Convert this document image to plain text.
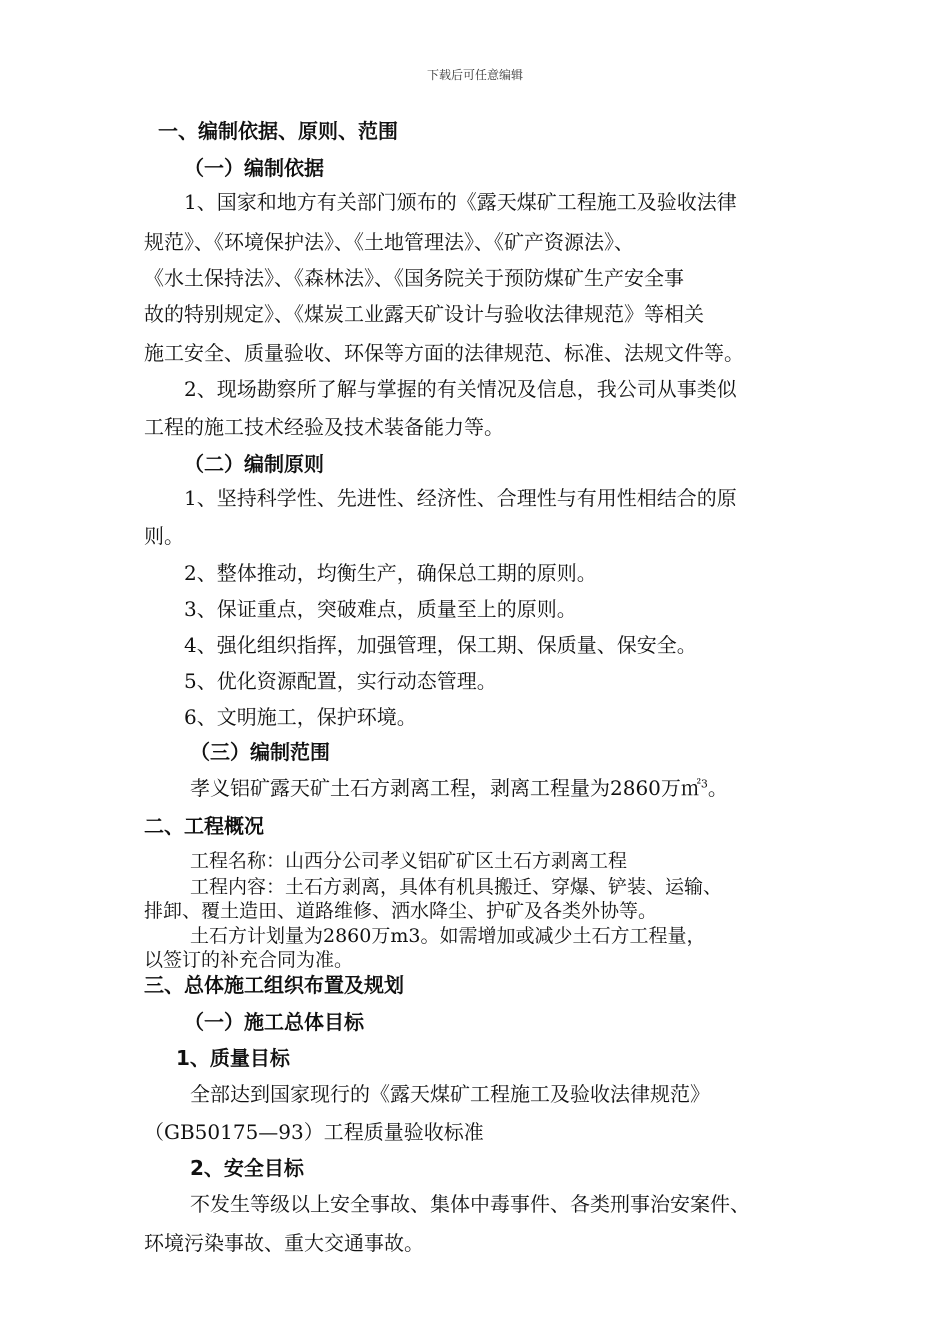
下载后可任意编辑
一、编制依据、原则、范围
（一）编制依据
1、国家和地方有关部门颁布的《露天煤矿工程施工及验收法律
规范》、《环境保护法》、《土地管理法》、《矿产资源法》、
《水土保持法》、《森林法》、《国务院关于预防煤矿生产安全事
故的特别规定》、《煤炭工业露天矿设计与验收法律规范》等相关
施工安全、质量验收、环保等方面的法律规范、标准、法规文件等。
2、现场勘察所了解与掌握的有关情况及信息，我公司从事类似
工程的施工技术经验及技术装备能力等。
（二）编制原则
1、坚持科学性、先进性、经济性、合理性与有用性相结合的原
则。
2、整体推动，均衡生产，确保总工期的原则。
3、保证重点，突破难点，质量至上的原则。
4、强化组织指挥，加强管理，保工期、保质量、保安全。
5、优化资源配置，实行动态管理。
6、文明施工，保护环境。
（三）编制范围
孝义铝矿露天矿土石方剥离工程，剥离工程量为2860万㎡$^3$。
二、工程概况
工程名称：山西分公司孝义铝矿矿区土石方剥离工程
工程内容：土石方剥离，具体有机具搬迁、穿爆、铲装、运输、
排卸、覆土造田、道路维修、洒水降尘、护矿及各类外协等。
土石方计划量为2860万m3。如需增加或减少土石方工程量，
以签订的补充合同为准。
三、总体施工组织布置及规划
（一）施工总体目标
1、质量目标
全部达到国家现行的《露天煤矿工程施工及验收法律规范》
（GB50175—93）工程质量验收标准
2、安全目标
不发生等级以上安全事故、集体中毒事件、各类刑事治安案件、
环境污染事故、重大交通事故。
